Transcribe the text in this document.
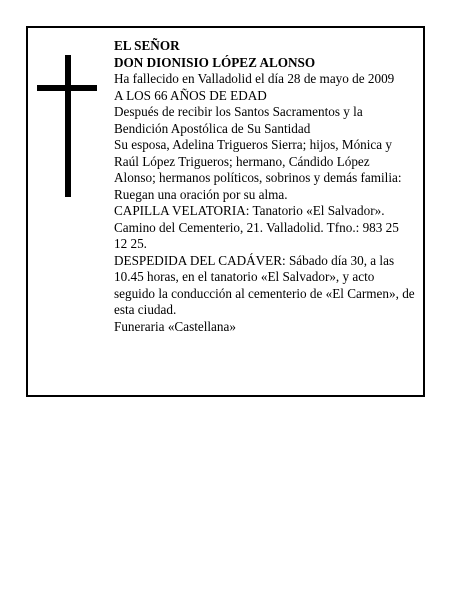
EL SEÑOR
DON DIONISIO LÓPEZ ALONSO
Ha fallecido en Valladolid el día 28 de mayo de 2009
A LOS 66 AÑOS DE EDAD
Después de recibir los Santos Sacramentos y la
Bendición Apostólica de Su Santidad
Su esposa, Adelina Trigueros Sierra; hijos, Mónica y
Raúl López Trigueros; hermano, Cándido López
Alonso; hermanos políticos, sobrinos y demás familia:
Ruegan una oración por su alma.
CAPILLA VELATORIA: Tanatorio «El Salvador».
Camino del Cementerio, 21. Valladolid. Tfno.: 983 25
12 25.
DESPEDIDA DEL CADÁVER: Sábado día 30, a las
10.45 horas, en el tanatorio «El Salvador», y acto
seguido la conducción al cementerio de «El Carmen», de
esta ciudad.
Funeraria «Castellana»
